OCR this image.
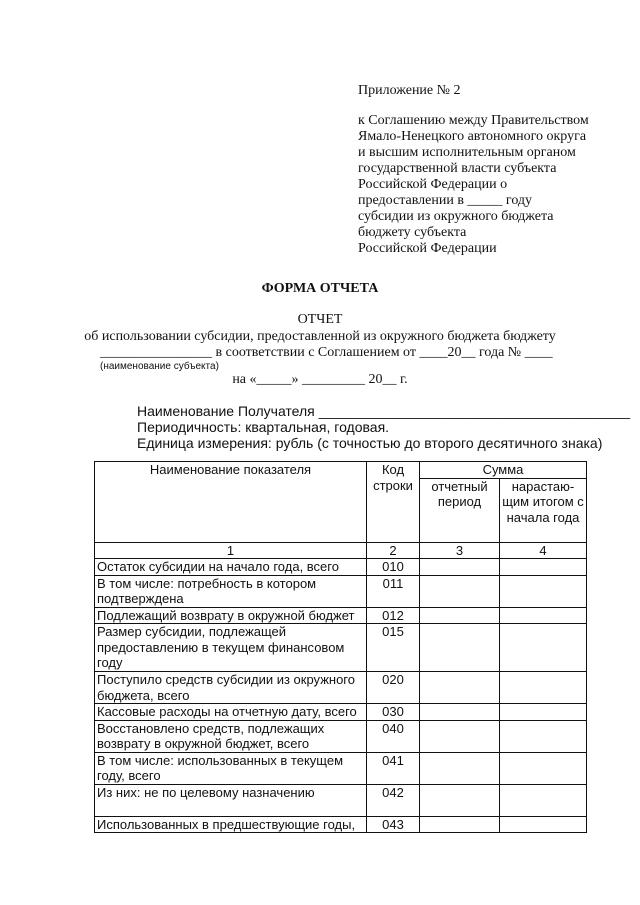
Приложение № 2
к Соглашению между Правительством
Ямало-Ненецкого автономного округа
и высшим исполнительным органом
государственной власти субъекта
Российской Федерации о
предоставлении в _____ году
субсидии из окружного бюджета
бюджету субъекта
Российской Федерации
ФОРМА ОТЧЕТА
ОТЧЕТ
об использовании субсидии, предоставленной из окружного бюджета бюджету
________________ в соответствии с Соглашением от ____20__ года № ____
(наименование субъекта)
на «_____» _________ 20__ г.
Наименование Получателя ________________________________________
Периодичность: квартальная, годовая.
Единица измерения: рубль (с точностью до второго десятичного знака)
Наименование показателя	Код строки	Сумма	
		отчетный период	нарастаю- щим итогом с начала года
1	2	3	4
Остаток субсидии на начало года, всего	010		
В том числе: потребность в котором подтверждена	011		
Подлежащий возврату в окружной бюджет	012		
Размер субсидии, подлежащей предоставлению в текущем финансовом году	015		
Поступило средств субсидии из окружного бюджета, всего	020		
Кассовые расходы на отчетную дату, всего	030		
Восстановлено средств, подлежащих возврату в окружной бюджет, всего	040		
В том числе: использованных в текущем году, всего	041		
Из них: не по целевому назначению	042		
Использованных в предшествующие годы,	043		
